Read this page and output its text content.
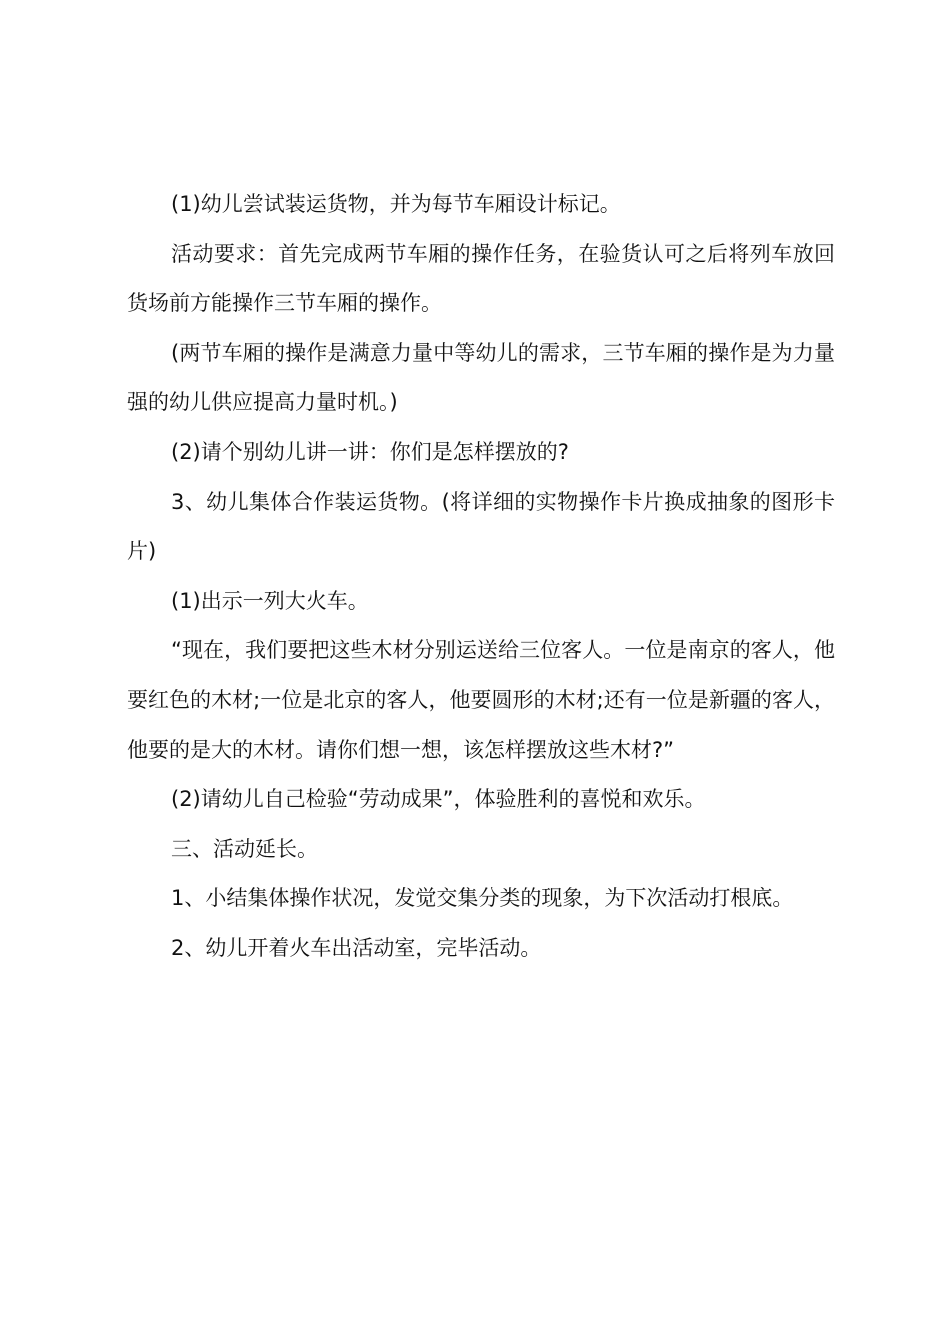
(1)幼儿尝试装运货物，并为每节车厢设计标记。

活动要求：首先完成两节车厢的操作任务，在验货认可之后将列车放回货场前方能操作三节车厢的操作。

(两节车厢的操作是满意力量中等幼儿的需求，三节车厢的操作是为力量强的幼儿供应提高力量时机。)

(2)请个别幼儿讲一讲：你们是怎样摆放的?

3、幼儿集体合作装运货物。(将详细的实物操作卡片换成抽象的图形卡片)

(1)出示一列大火车。

“现在，我们要把这些木材分别运送给三位客人。一位是南京的客人，他要红色的木材;一位是北京的客人，他要圆形的木材;还有一位是新疆的客人，他要的是大的木材。请你们想一想，该怎样摆放这些木材?”

(2)请幼儿自己检验“劳动成果”，体验胜利的喜悦和欢乐。

三、活动延长。

1、小结集体操作状况，发觉交集分类的现象，为下次活动打根底。

2、幼儿开着火车出活动室，完毕活动。
